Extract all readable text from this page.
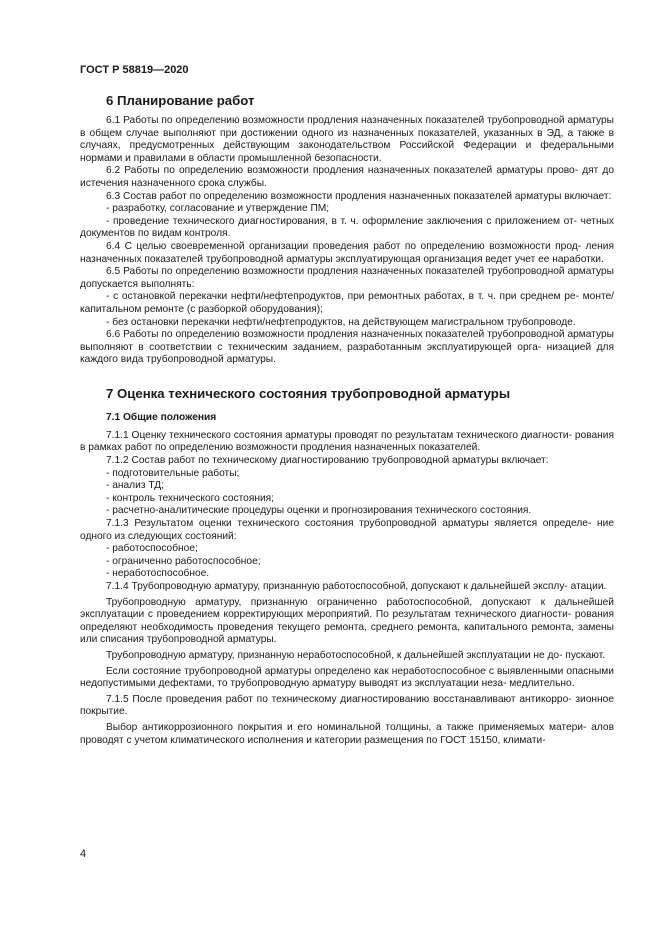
ГОСТ Р 58819—2020
6 Планирование работ

6.1 Работы по определению возможности продления назначенных показателей трубопроводной арматуры в общем случае выполняют при достижении одного из назначенных показателей, указанных в ЭД, а также в случаях, предусмотренных действующим законодательством Российской Федерации и федеральными нормами и правилами в области промышленной безопасности.

6.2 Работы по определению возможности продления назначенных показателей арматуры прово- дят до истечения назначенного срока службы.

6.3 Состав работ по определению возможности продления назначенных показателей арматуры включает:

- разработку, согласование и утверждение ПМ;

- проведение технического диагностирования, в т. ч. оформление заключения с приложением от- четных документов по видам контроля.

6.4 С целью своевременной организации проведения работ по определению возможности прод- ления назначенных показателей трубопроводной арматуры эксплуатирующая организация ведет учет ее наработки.

6.5 Работы по определению возможности продления назначенных показателей трубопроводной арматуры допускается выполнять:

- с остановкой перекачки нефти/нефтепродуктов, при ремонтных работах, в т. ч. при среднем ре- монте/капитальном ремонте (с разборкой оборудования);

- без остановки перекачки нефти/нефтепродуктов, на действующем магистральном трубопроводе.

6.6 Работы по определению возможности продления назначенных показателей трубопроводной арматуры выполняют в соответствии с техническим заданием, разработанным эксплуатирующей орга- низацией для каждого вида трубопроводной арматуры.

7 Оценка технического состояния трубопроводной арматуры
7.1 Общие положения

7.1.1 Оценку технического состояния арматуры проводят по результатам технического диагности- рования в рамках работ по определению возможности продления назначенных показателей.

7.1.2 Состав работ по техническому диагностированию трубопроводной арматуры включает:

- подготовительные работы;

- анализ ТД;

- контроль технического состояния;

- расчетно-аналитические процедуры оценки и прогнозирования технического состояния.

7.1.3 Результатом оценки технического состояния трубопроводной арматуры является определе- ние одного из следующих состояний:

- работоспособное;

- ограниченно работоспособное;

- неработоспособное.

7.1.4 Трубопроводную арматуру, признанную работоспособной, допускают к дальнейшей эксплу- атации.

Трубопроводную арматуру, признанную ограниченно работоспособной, допускают к дальнейшей эксплуатации с проведением корректирующих мероприятий. По результатам технического диагности- рования определяют необходимость проведения текущего ремонта, среднего ремонта, капитального ремонта, замены или списания трубопроводной арматуры.

Трубопроводную арматуру, признанную неработоспособной, к дальнейшей эксплуатации не до- пускают.

Если состояние трубопроводной арматуры определено как неработоспособное с выявленными опасными недопустимыми дефектами, то трубопроводную арматуру выводят из эксплуатации неза- медлительно.

7.1.5 После проведения работ по техническому диагностированию восстанавливают антикорро- зионное покрытие.

Выбор антикоррозионного покрытия и его номинальной толщины, а также применяемых матери- алов проводят с учетом климатического исполнения и категории размещения по ГОСТ 15150, климати-

4
